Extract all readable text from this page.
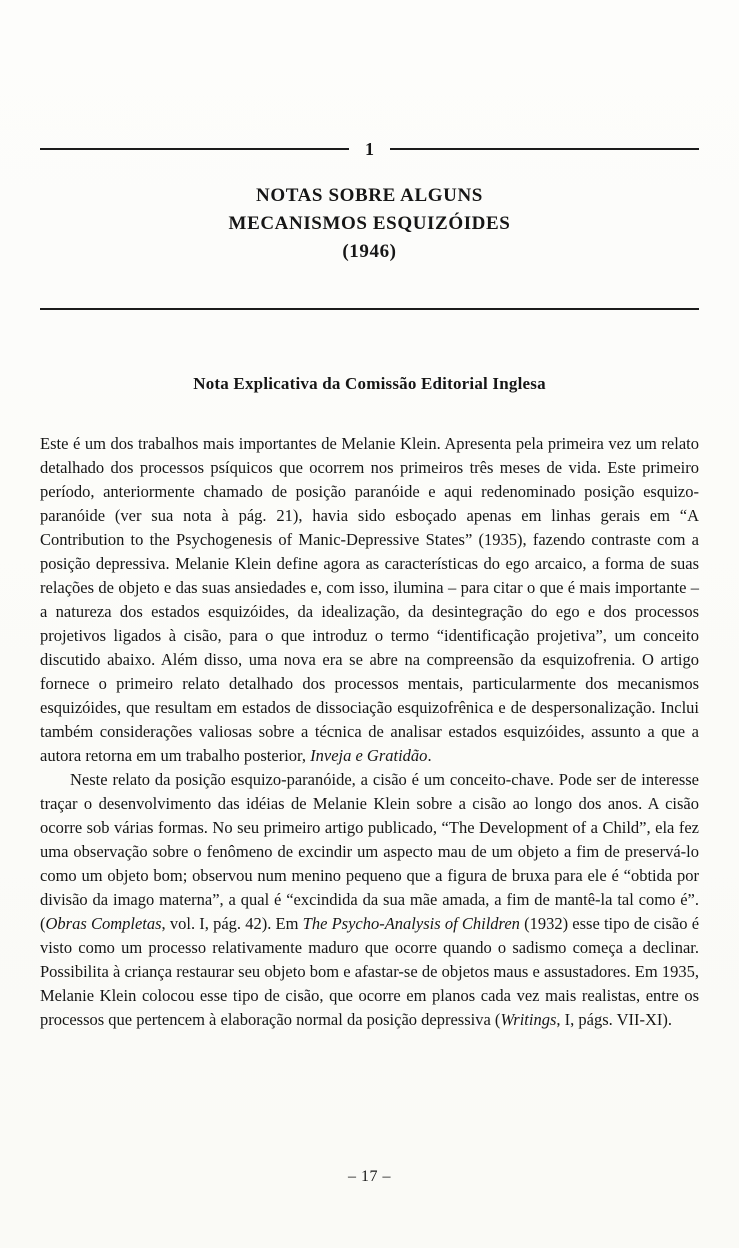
1
NOTAS SOBRE ALGUNS
MECANISMOS ESQUIZÓIDES
(1946)
Nota Explicativa da Comissão Editorial Inglesa

Este é um dos trabalhos mais importantes de Melanie Klein. Apresenta pela primeira vez um relato detalhado dos processos psíquicos que ocorrem nos primeiros três meses de vida. Este primeiro período, anteriormente chamado de posição paranóide e aqui redenominado posição esquizo-paranóide (ver sua nota à pág. 21), havia sido esboçado apenas em linhas gerais em “A Contribution to the Psychogenesis of Manic-Depressive States” (1935), fazendo contraste com a posição depressiva. Melanie Klein define agora as características do ego arcaico, a forma de suas relações de objeto e das suas ansiedades e, com isso, ilumina – para citar o que é mais importante – a natureza dos estados esquizóides, da idealização, da desintegração do ego e dos processos projetivos ligados à cisão, para o que introduz o termo “identificação projetiva”, um conceito discutido abaixo. Além disso, uma nova era se abre na compreensão da esquizofrenia. O artigo fornece o primeiro relato detalhado dos processos mentais, particularmente dos mecanismos esquizóides, que resultam em estados de dissociação esquizofrênica e de despersonalização. Inclui também considerações valiosas sobre a técnica de analisar estados esquizóides, assunto a que a autora retorna em um trabalho posterior, Inveja e Gratidão.

Neste relato da posição esquizo-paranóide, a cisão é um conceito-chave. Pode ser de interesse traçar o desenvolvimento das idéias de Melanie Klein sobre a cisão ao longo dos anos. A cisão ocorre sob várias formas. No seu primeiro artigo publicado, “The Development of a Child”, ela fez uma observação sobre o fenômeno de excindir um aspecto mau de um objeto a fim de preservá-lo como um objeto bom; observou num menino pequeno que a figura de bruxa para ele é “obtida por divisão da imago materna”, a qual é “excindida da sua mãe amada, a fim de mantê-la tal como é”. (Obras Completas, vol. I, pág. 42). Em The Psycho-Analysis of Children (1932) esse tipo de cisão é visto como um processo relativamente maduro que ocorre quando o sadismo começa a declinar. Possibilita à criança restaurar seu objeto bom e afastar-se de objetos maus e assustadores. Em 1935, Melanie Klein colocou esse tipo de cisão, que ocorre em planos cada vez mais realistas, entre os processos que pertencem à elaboração normal da posição depressiva (Writings, I, págs. VII-XI).

– 17 –
